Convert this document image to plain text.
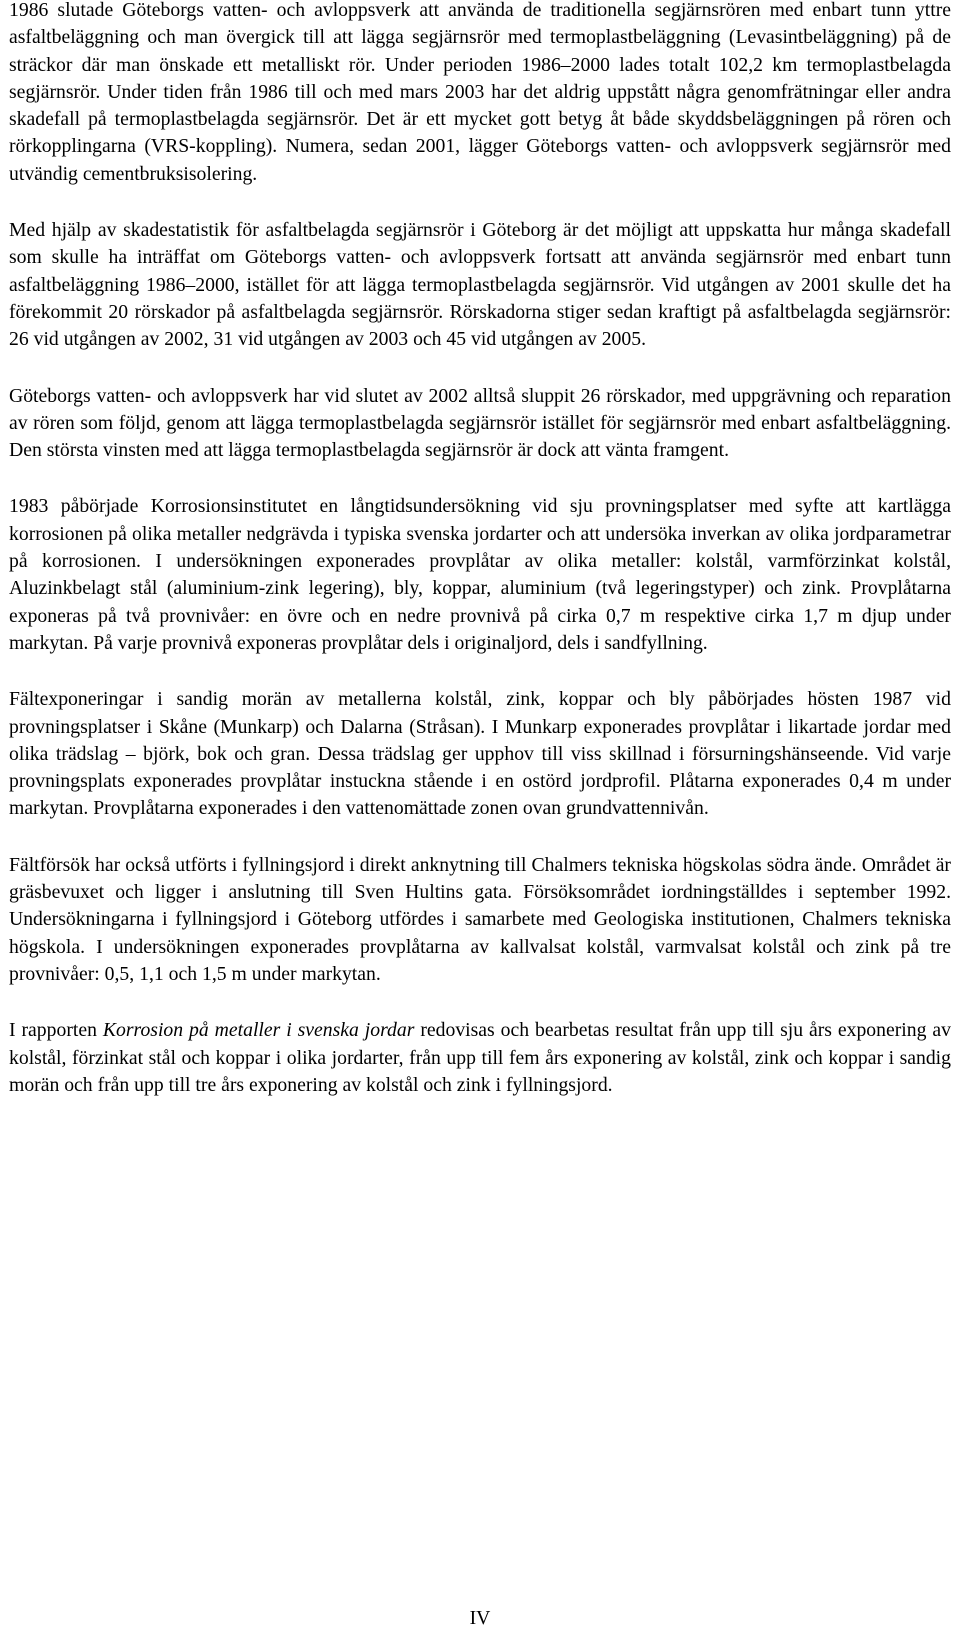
1986 slutade Göteborgs vatten- och avloppsverk att använda de traditionella segjärnsrören med enbart tunn yttre asfaltbeläggning och man övergick till att lägga segjärnsrör med termoplastbeläggning (Levasintbeläggning) på de sträckor där man önskade ett metalliskt rör. Under perioden 1986–2000 lades totalt 102,2 km termoplastbelagda segjärnsrör. Under tiden från 1986 till och med mars 2003 har det aldrig uppstått några genomfrätningar eller andra skadefall på termoplastbelagda segjärnsrör. Det är ett mycket gott betyg åt både skyddsbeläggningen på rören och rörkopplingarna (VRS-koppling). Numera, sedan 2001, lägger Göteborgs vatten- och avloppsverk segjärnsrör med utvändig cementbruksisolering.

Med hjälp av skadestatistik för asfaltbelagda segjärnsrör i Göteborg är det möjligt att uppskatta hur många skadefall som skulle ha inträffat om Göteborgs vatten- och avloppsverk fortsatt att använda segjärnsrör med enbart tunn asfaltbeläggning 1986–2000, istället för att lägga termoplastbelagda segjärnsrör. Vid utgången av 2001 skulle det ha förekommit 20 rörskador på asfaltbelagda segjärnsrör. Rörskadorna stiger sedan kraftigt på asfaltbelagda segjärnsrör: 26 vid utgången av 2002, 31 vid utgången av 2003 och 45 vid utgången av 2005.

Göteborgs vatten- och avloppsverk har vid slutet av 2002 alltså sluppit 26 rörskador, med uppgrävning och reparation av rören som följd, genom att lägga termoplastbelagda segjärnsrör istället för segjärnsrör med enbart asfaltbeläggning. Den största vinsten med att lägga termoplastbelagda segjärnsrör är dock att vänta framgent.

1983 påbörjade Korrosionsinstitutet en långtidsundersökning vid sju provningsplatser med syfte att kartlägga korrosionen på olika metaller nedgrävda i typiska svenska jordarter och att undersöka inverkan av olika jordparametrar på korrosionen. I undersökningen exponerades provplåtar av olika metaller: kolstål, varmförzinkat kolstål, Aluzinkbelagt stål (aluminium-zink legering), bly, koppar, aluminium (två legeringstyper) och zink. Provplåtarna exponeras på två provnivåer: en övre och en nedre provnivå på cirka 0,7 m respektive cirka 1,7 m djup under markytan. På varje provnivå exponeras provplåtar dels i originaljord, dels i sandfyllning.

Fältexponeringar i sandig morän av metallerna kolstål, zink, koppar och bly påbörjades hösten 1987 vid provningsplatser i Skåne (Munkarp) och Dalarna (Stråsan). I Munkarp exponerades provplåtar i likartade jordar med olika trädslag – björk, bok och gran. Dessa trädslag ger upphov till viss skillnad i försurningshänseende. Vid varje provningsplats exponerades provplåtar instuckna stående i en ostörd jordprofil. Plåtarna exponerades 0,4 m under markytan. Provplåtarna exponerades i den vattenomättade zonen ovan grundvattennivån.

Fältförsök har också utförts i fyllningsjord i direkt anknytning till Chalmers tekniska högskolas södra ände. Området är gräsbevuxet och ligger i anslutning till Sven Hultins gata. Försöksområdet iordningställdes i september 1992. Undersökningarna i fyllningsjord i Göteborg utfördes i samarbete med Geologiska institutionen, Chalmers tekniska högskola. I undersökningen exponerades provplåtarna av kallvalsat kolstål, varmvalsat kolstål och zink på tre provnivåer: 0,5, 1,1 och 1,5 m under markytan.

I rapporten Korrosion på metaller i svenska jordar redovisas och bearbetas resultat från upp till sju års exponering av kolstål, förzinkat stål och koppar i olika jordarter, från upp till fem års exponering av kolstål, zink och koppar i sandig morän och från upp till tre års exponering av kolstål och zink i fyllningsjord.

IV
